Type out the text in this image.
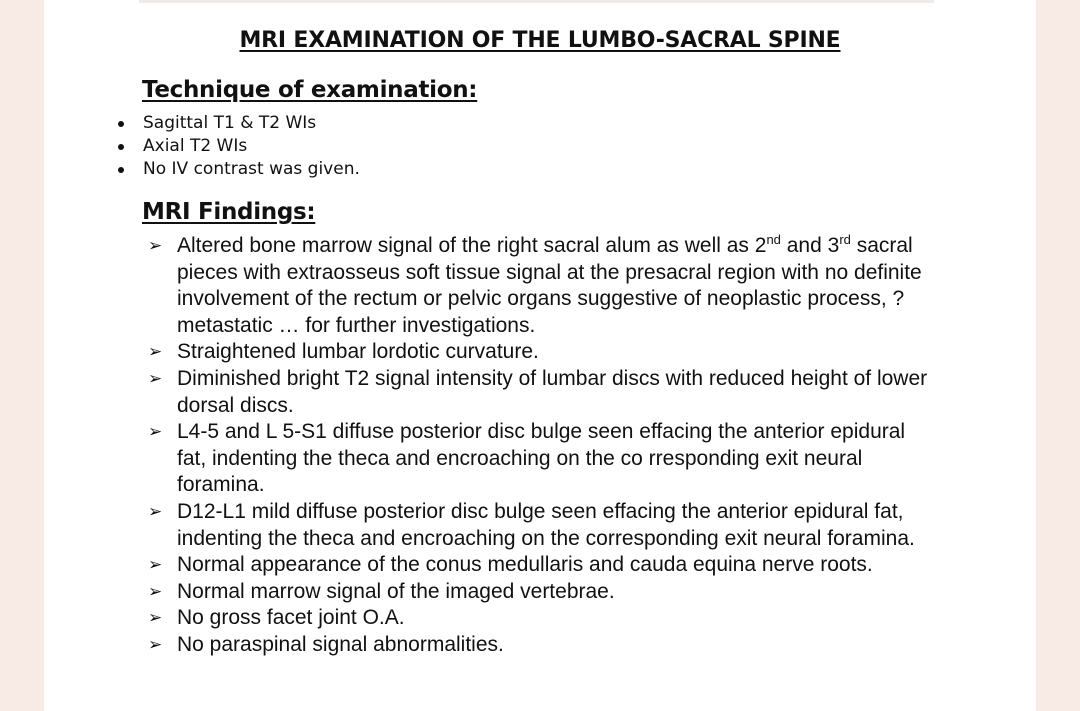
MRI EXAMINATION OF THE LUMBO-SACRAL SPINE
Technique of examination:
Sagittal T1 & T2 WIs
Axial T2 WIs
No IV contrast was given.
MRI Findings:
➢ Altered bone marrow signal of the right sacral alum as well as 2nd and 3rd sacral pieces with extraosseus soft tissue signal at the presacral region with no definite involvement of the rectum or pelvic organs suggestive of neoplastic process, ?metastatic … for further investigations.
➢ Straightened lumbar lordotic curvature.
➢ Diminished bright T2 signal intensity of lumbar discs with reduced height of lower dorsal discs.
➢ L4-5 and L 5-S1 diffuse posterior disc bulge seen effacing the anterior epidural fat, indenting the theca and encroaching on the co rresponding exit neural foramina.
➢ D12-L1 mild diffuse posterior disc bulge seen effacing the anterior epidural fat, indenting the theca and encroaching on the corresponding exit neural foramina.
➢ Normal appearance of the conus medullaris and cauda equina nerve roots.
➢ Normal marrow signal of the imaged vertebrae.
➢ No gross facet joint O.A.
➢ No paraspinal signal abnormalities.
